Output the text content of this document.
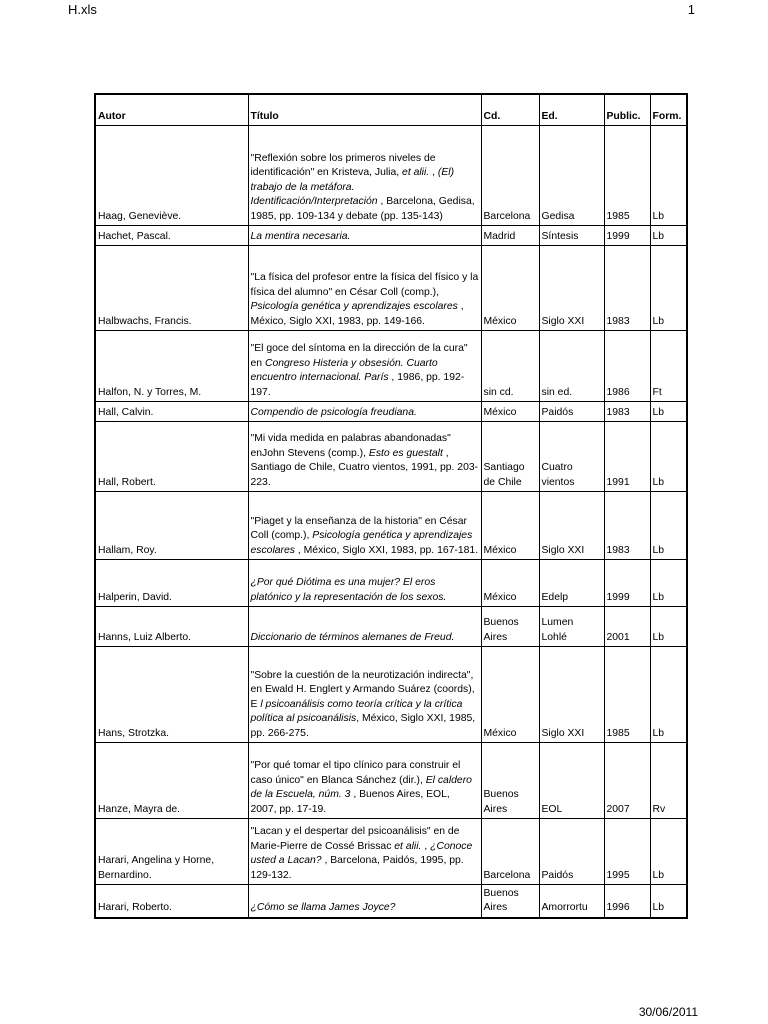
H.xls	1
Autor	Título	Cd.	Ed.	Public.	Form.
Haag, Geneviève.	"Reflexión sobre los primeros niveles de identificación" en Kristeva, Julia, et alii. , (El) trabajo de la metáfora. Identificación/Interpretación , Barcelona, Gedisa, 1985, pp. 109-134 y debate (pp. 135-143)	Barcelona	Gedisa	1985	Lb
Hachet, Pascal.	La mentira necesaria.	Madrid	Síntesis	1999	Lb
Halbwachs, Francis.	"La física del profesor entre la física del físico y la física del alumno" en César Coll (comp.), Psicología genética y aprendizajes escolares , México, Siglo XXI, 1983, pp. 149-166.	México	Siglo XXI	1983	Lb
Halfon, N. y Torres, M.	"El goce del síntoma en la dirección de la cura" en Congreso Histeria y obsesión. Cuarto encuentro internacional. París , 1986, pp. 192-197.	sin cd.	sin ed.	1986	Ft
Hall, Calvin.	Compendio de psicología freudiana.	México	Paidós	1983	Lb
Hall, Robert.	"Mi vida medida en palabras abandonadas" enJohn Stevens (comp.), Esto es guestalt , Santiago de Chile, Cuatro vientos, 1991, pp. 203-223.	Santiago de Chile	Cuatro vientos	1991	Lb
Hallam, Roy.	"Piaget y la enseñanza de la historia" en César Coll (comp.), Psicología genética y aprendizajes escolares , México, Siglo XXI, 1983, pp. 167-181.	México	Siglo XXI	1983	Lb
Halperin, David.	¿Por qué Diótima es una mujer? El eros platónico y la representación de los sexos.	México	Edelp	1999	Lb
Hanns, Luiz Alberto.	Diccionario de términos alemanes de Freud.	Buenos Aires	Lumen Lohlé	2001	Lb
Hans, Strotzka.	"Sobre la cuestión de la neurotización indirecta", en Ewald H. Englert y Armando Suárez (coords), E l psicoanálisis como teoría crítica y la crítica política al psicoanálisis, México, Siglo XXI, 1985, pp. 266-275.	México	Siglo XXI	1985	Lb
Hanze, Mayra de.	"Por qué tomar el tipo clínico para construir el caso único" en Blanca Sánchez (dir.), El caldero de la Escuela, núm. 3 , Buenos Aires, EOL, 2007, pp. 17-19.	Buenos Aires	EOL	2007	Rv
Harari, Angelina y Horne, Bernardino.	"Lacan y el despertar del psicoanálisis" en de Marie-Pierre de Cossé Brissac et alii. , ¿Conoce usted a Lacan? , Barcelona, Paidós, 1995, pp. 129-132.	Barcelona	Paidós	1995	Lb
Harari, Roberto.	¿Cómo se llama James Joyce?	Buenos Aires	Amorrortu	1996	Lb
30/06/2011
